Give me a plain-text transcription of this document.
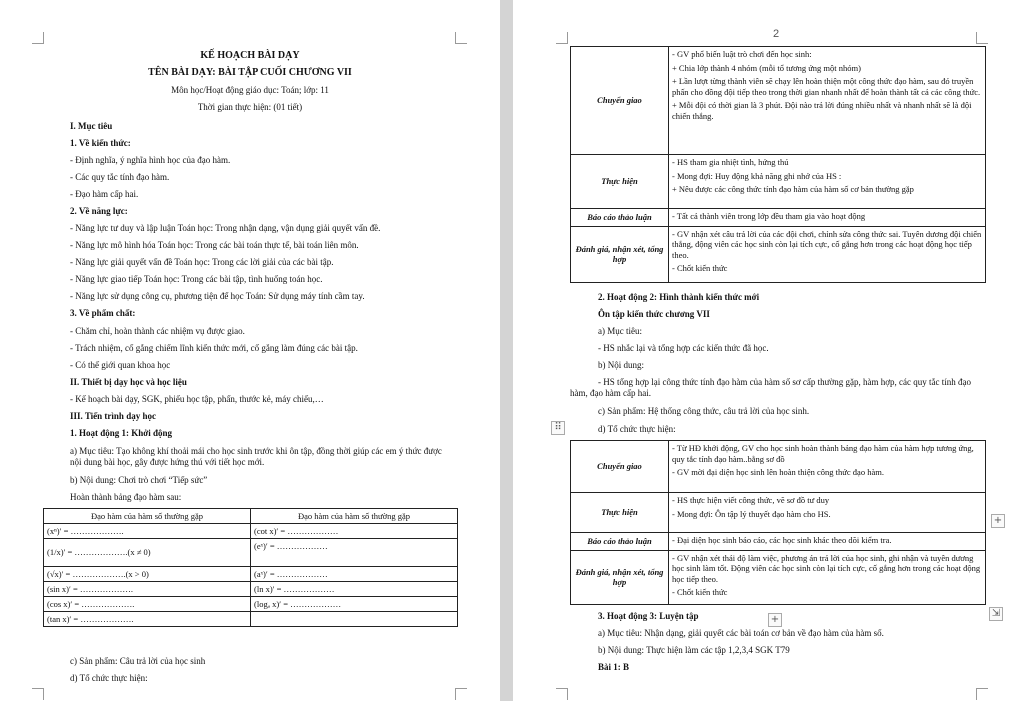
KẾ HOẠCH BÀI DẠY
TÊN BÀI DẠY: BÀI TẬP CUỐI CHƯƠNG VII
Môn học/Hoạt động giáo dục: Toán; lớp: 11
Thời gian thực hiện: (01 tiết)
I. Mục tiêu
1. Về kiến thức:
- Định nghĩa, ý nghĩa hình học của đạo hàm.
- Các quy tắc tính đạo hàm.
- Đạo hàm cấp hai.
2. Về năng lực:
- Năng lực tư duy và lập luận Toán học: Trong nhận dạng, vận dụng giải quyết vấn đề.
- Năng lực mô hình hóa Toán học: Trong các bài toán thực tế, bài toán liên môn.
- Năng lực giải quyết vấn đề Toán học: Trong các lời giải của các bài tập.
- Năng lực giao tiếp Toán học: Trong các bài tập, tình huống toán học.
- Năng lực sử dụng công cụ, phương tiện để học Toán: Sử dụng máy tính cầm tay.
3. Về phẩm chất:
- Chăm chỉ, hoàn thành các nhiệm vụ được giao.
- Trách nhiệm, cố gắng chiếm lĩnh kiến thức mới, cố gắng làm đúng các bài tập.
- Có thế giới quan khoa học
II. Thiết bị dạy học và học liệu
- Kế hoạch bài dạy, SGK, phiếu học tập, phấn, thước kẻ, máy chiếu,…
III. Tiến trình dạy học
1. Hoạt động 1: Khởi động
a) Mục tiêu: Tạo không khí thoải mái cho học sinh trước khi ôn tập, đồng thời giúp các em ý thức được nội dung bài học, gây được hứng thú với tiết học mới.
b) Nội dung: Chơi trò chơi “Tiếp sức”
Hoàn thành bảng đạo hàm sau:
Đạo hàm của hàm số thường gặp	Đạo hàm của hàm số thường gặp
(xⁿ)′ = ……………….	(cot x)′ = ………………
(1/x)′ = ……………….(x ≠ 0)	(eˣ)′ = ………………
(√x)′ = ……………….(x > 0)	(aˣ)′ = ………………
(sin x)′ = ……………….	(ln x)′ = ………………
(cos x)′ = ……………….	(logₐ x)′ = ………………
(tan x)′ = ……………….	
c) Sản phẩm: Câu trả lời của học sinh
d) Tổ chức thực hiện:
2
Chuyển giao	- GV phổ biến luật trò chơi đến học sinh:

+ Chia lớp thành 4 nhóm (mỗi tổ tương ứng một nhóm)

+ Lần lượt từng thành viên sẽ chạy lên hoàn thiện một công thức đạo hàm, sau đó truyền phấn cho đồng đội tiếp theo trong thời gian nhanh nhất để hoàn thành tất cả các công thức.

+ Mỗi đội có thời gian là 3 phút. Đội nào trả lời đúng nhiều nhất và nhanh nhất sẽ là đội chiến thắng.

Thực hiện	- HS tham gia nhiệt tình, hứng thú

- Mong đợi: Huy động khả năng ghi nhớ của HS :

+ Nêu được các công thức tính đạo hàm của hàm số cơ bản thường gặp

Báo cáo thảo luận	- Tất cả thành viên trong lớp đều tham gia vào hoạt động

Đánh giá, nhận xét, tổng hợp	- GV nhận xét câu trả lời của các đội chơi, chỉnh sửa công thức sai. Tuyên dương đội chiến thắng, động viên các học sinh còn lại tích cực, cố gắng hơn trong các hoạt động học tiếp theo.

- Chốt kiến thức

2. Hoạt động 2: Hình thành kiến thức mới
Ôn tập kiến thức chương VII
a) Mục tiêu:
- HS nhắc lại và tổng hợp các kiến thức đã học.
b) Nội dung:
- HS tổng hợp lại công thức tính đạo hàm của hàm số sơ cấp thường gặp, hàm hợp, các quy tắc tính đạo hàm, đạo hàm cấp hai.
c) Sản phẩm: Hệ thống công thức, câu trả lời của học sinh.
⠿	d) Tổ chức thực hiện:
Chuyển giao	- Từ HĐ khởi động, GV cho học sinh hoàn thành bảng đạo hàm của hàm hợp tương ứng, quy tắc tính đạo hàm..bằng sơ đồ

- GV mời đại diện học sinh lên hoàn thiện công thức đạo hàm.

Thực hiện	- HS thực hiện viết công thức, vẽ sơ đồ tư duy

- Mong đợi: Ôn tập lý thuyết đạo hàm cho HS.

Báo cáo thảo luận	- Đại diện học sinh báo cáo, các học sinh khác theo dõi kiểm tra.

Đánh giá, nhận xét, tổng hợp	- GV nhận xét thái độ làm việc, phương án trả lời của học sinh, ghi nhận và tuyên dương học sinh làm tốt. Động viên các học sinh còn lại tích cực, cố gắng hơn trong các hoạt động học tiếp theo.

- Chốt kiến thức

+
+
⇲
3. Hoạt động 3: Luyện tập
a) Mục tiêu: Nhận dạng, giải quyết các bài toán cơ bản về đạo hàm của hàm số.
b) Nội dung: Thực hiện làm các tập 1,2,3,4 SGK T79
Bài 1: B
